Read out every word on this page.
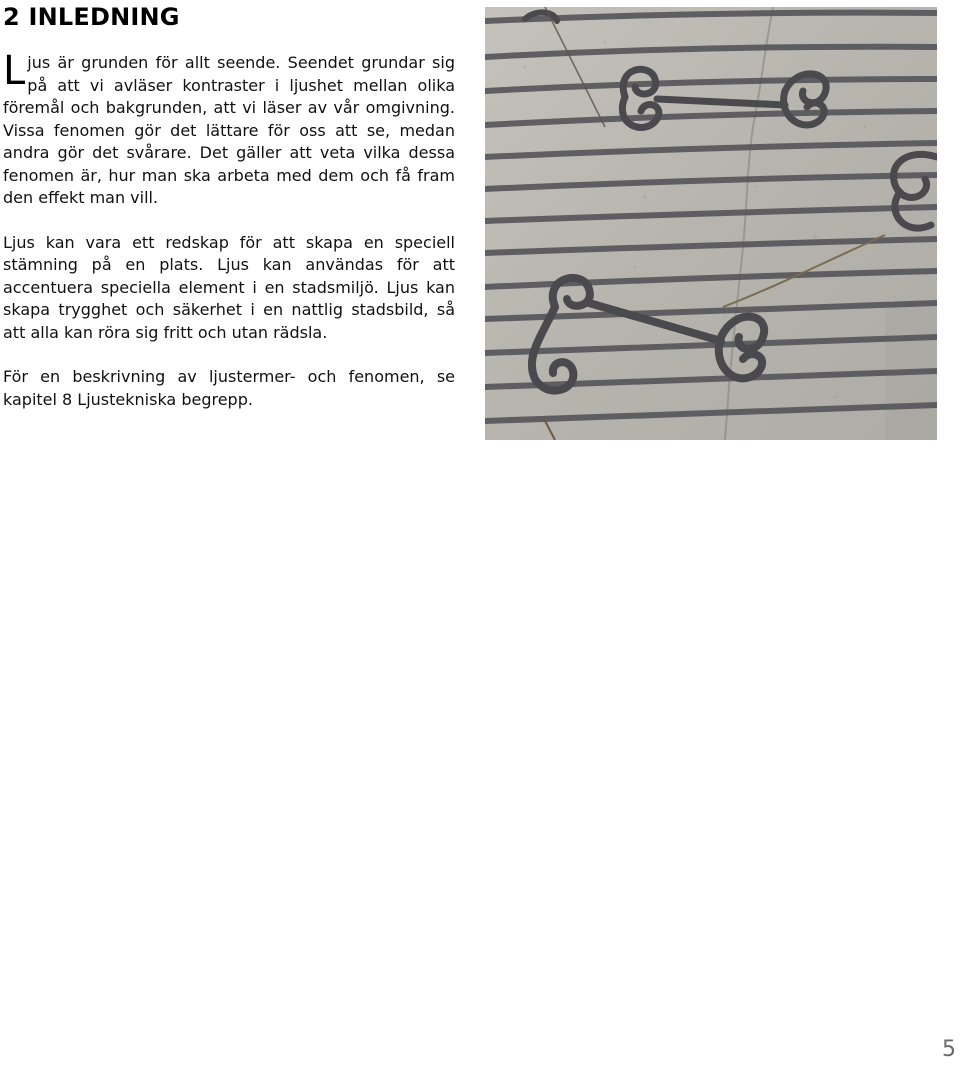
2 INLEDNING

Ljus är grunden för allt seende. Seendet grundar sig på att vi avläser kontraster i ljushet mellan olika föremål och bakgrunden, att vi läser av vår omgivning. Vissa fenomen gör det lättare för oss att se, medan andra gör det svårare. Det gäller att veta vilka dessa fenomen är, hur man ska arbeta med dem och få fram den effekt man vill.

Ljus kan vara ett redskap för att skapa en speciell stämning på en plats. Ljus kan användas för att accentuera speciella element i en stadsmiljö. Ljus kan skapa trygghet och säkerhet i en nattlig stadsbild, så att alla kan röra sig fritt och utan rädsla.

För en beskrivning av ljustermer- och fenomen, se kapitel 8 Ljustekniska begrepp.

5
